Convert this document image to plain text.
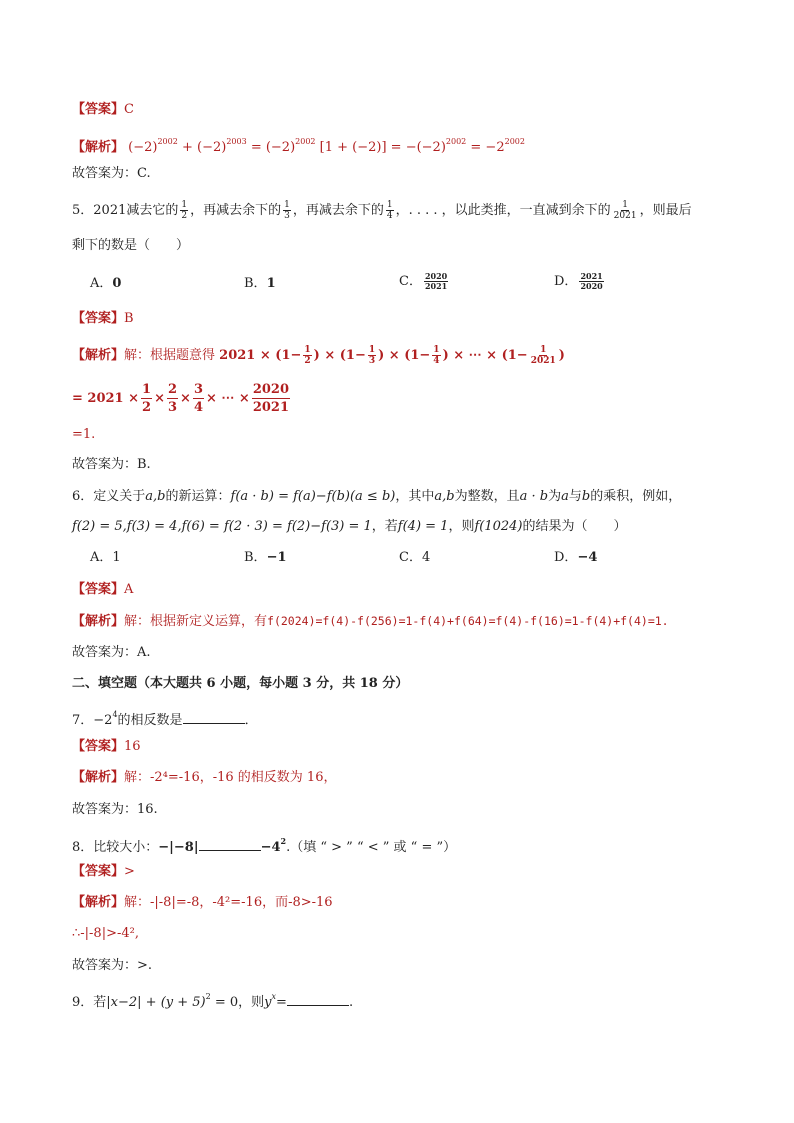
【答案】C
【解析】 $(-2)^{2002} + (-2)^{2003} = (-2)^{2002}$ $[1 + (-2)] = -(-2)^{2002} = -2^{2002}$
故答案为：C.
5．2021减去它的 $\frac{1}{2}$ ，再减去余下的 $\frac{1}{3}$ ，再减去余下的 $\frac{1}{4}$ ，. . . . ，以此类推，一直减到余下的 $\frac{1}{2021}$ ，则最后
剩下的数是（　　）
A．0	B．1	C． $\frac{2020}{2021}$	D． $\frac{2021}{2020}$
【答案】B
【解析】解：根据题意得 $2021 \times (1- \frac{1}{2}$ ) × ($1- \frac{1}{3}$ ) × ($1- \frac{1}{4}$ ) × ⋯ × ($1- \frac{1}{2021}$ )
= $2021 \times \frac{1}{2} \times \frac{2}{3} \times \frac{3}{4}$ × ⋯ × $\frac{2020}{2021}$
=1.
故答案为：B.
6．定义关于a,b的新运算：f(a · b) = f(a)−f(b)(a ≤ b)，其中a,b为整数，且a · b为a与b的乘积，例如，
f(2) = 5,f(3) = 4,f(6) = f(2 · 3) = f(2)−f(3) = 1，若f(4) = 1，则f(1024)的结果为（　　）
A．1	B．−1	C．4	D．−4
【答案】A
【解析】解：根据新定义运算，有f(2024)=f(4)-f(256)=1-f(4)+f(64)=f(4)-f(16)=1-f(4)+f(4)=1.
故答案为：A.
二、填空题（本大题共 6 小题，每小题 3 分，共 18 分）
7．$-2^4$的相反数是	．
【答案】16
【解析】解：-2⁴=-16，-16 的相反数为 16，
故答案为：16.
8．比较大小：−|−8|	$-4^2$.（填 “ > ” “ < ” 或 “ = ”）
【答案】>
【解析】解：-|-8|=-8，-4²=-16，而-8>-16
∴-|-8|>-4²,
故答案为：>.
9．若$|x-2| + (y + 5)^2 = 0$，则$y^x=$	.
